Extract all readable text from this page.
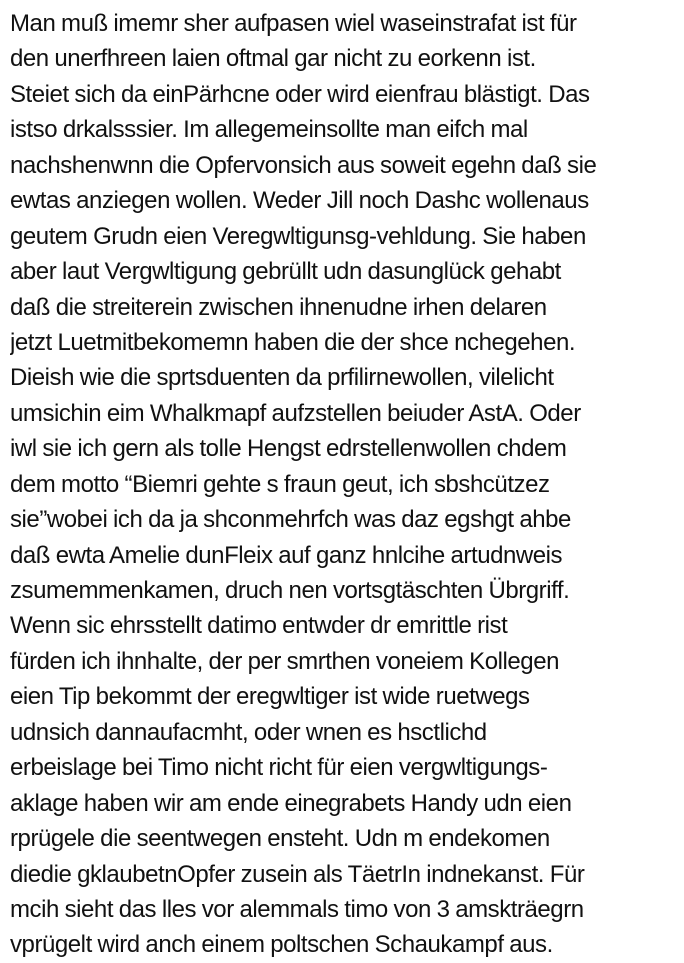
Man muß imemr sher aufpasen wiel waseinstrafat ist für
den unerfhreen laien oftmal gar nicht zu eorkenn ist.
Steiet sich da einPärhcne oder wird eienfrau blästigt. Das
istso drkalsssier. Im allegemeinsollte man eifch mal
nachshenwnn die Opfervonsich aus soweit egehn daß sie
ewtas anziegen wollen. Weder Jill noch Dashc wollenaus
geutem Grudn eien Veregwltigunsg-vehldung. Sie haben
aber laut Vergwltigung gebrüllt udn dasunglück gehabt
daß die streiterein zwischen ihnenudne irhen delaren
jetzt Luetmitbekomemn haben die der shce nchegehen.
Dieish wie die sprtsduenten da prfilirnewollen, vilelicht
umsichin eim Whalkmapf aufzstellen beiuder AstA. Oder
iwl sie ich gern als tolle Hengst edrstellenwollen chdem
dem motto “Biemri gehte s fraun geut, ich sbshcützez
sie”wobei ich da ja shconmehrfch was daz egshgt ahbe
daß ewta Amelie dunFleix auf ganz hnlcihe artudnweis
zsumemmenkamen, druch nen vortsgtäschten Übrgriff.
Wenn sic ehrsstellt datimo entwder dr emrittle rist
fürden ich ihnhalte, der per smrthen voneiem Kollegen
eien Tip bekommt der eregwltiger ist wide ruetwegs
udnsich dannaufacmht, oder wnen es hsctlichd
erbeislage bei Timo nicht richt für eien vergwltigungs-
aklage haben wir am ende einegrabets Handy udn eien
rprügele die seentwegen ensteht. Udn m endekomen
diedie gklaubetnOpfer zusein als TäetrIn indnekanst. Für
mcih sieht das lles vor alemmals timo von 3 amskträegrn
vprügelt wird anch einem poltschen Schaukampf aus.
